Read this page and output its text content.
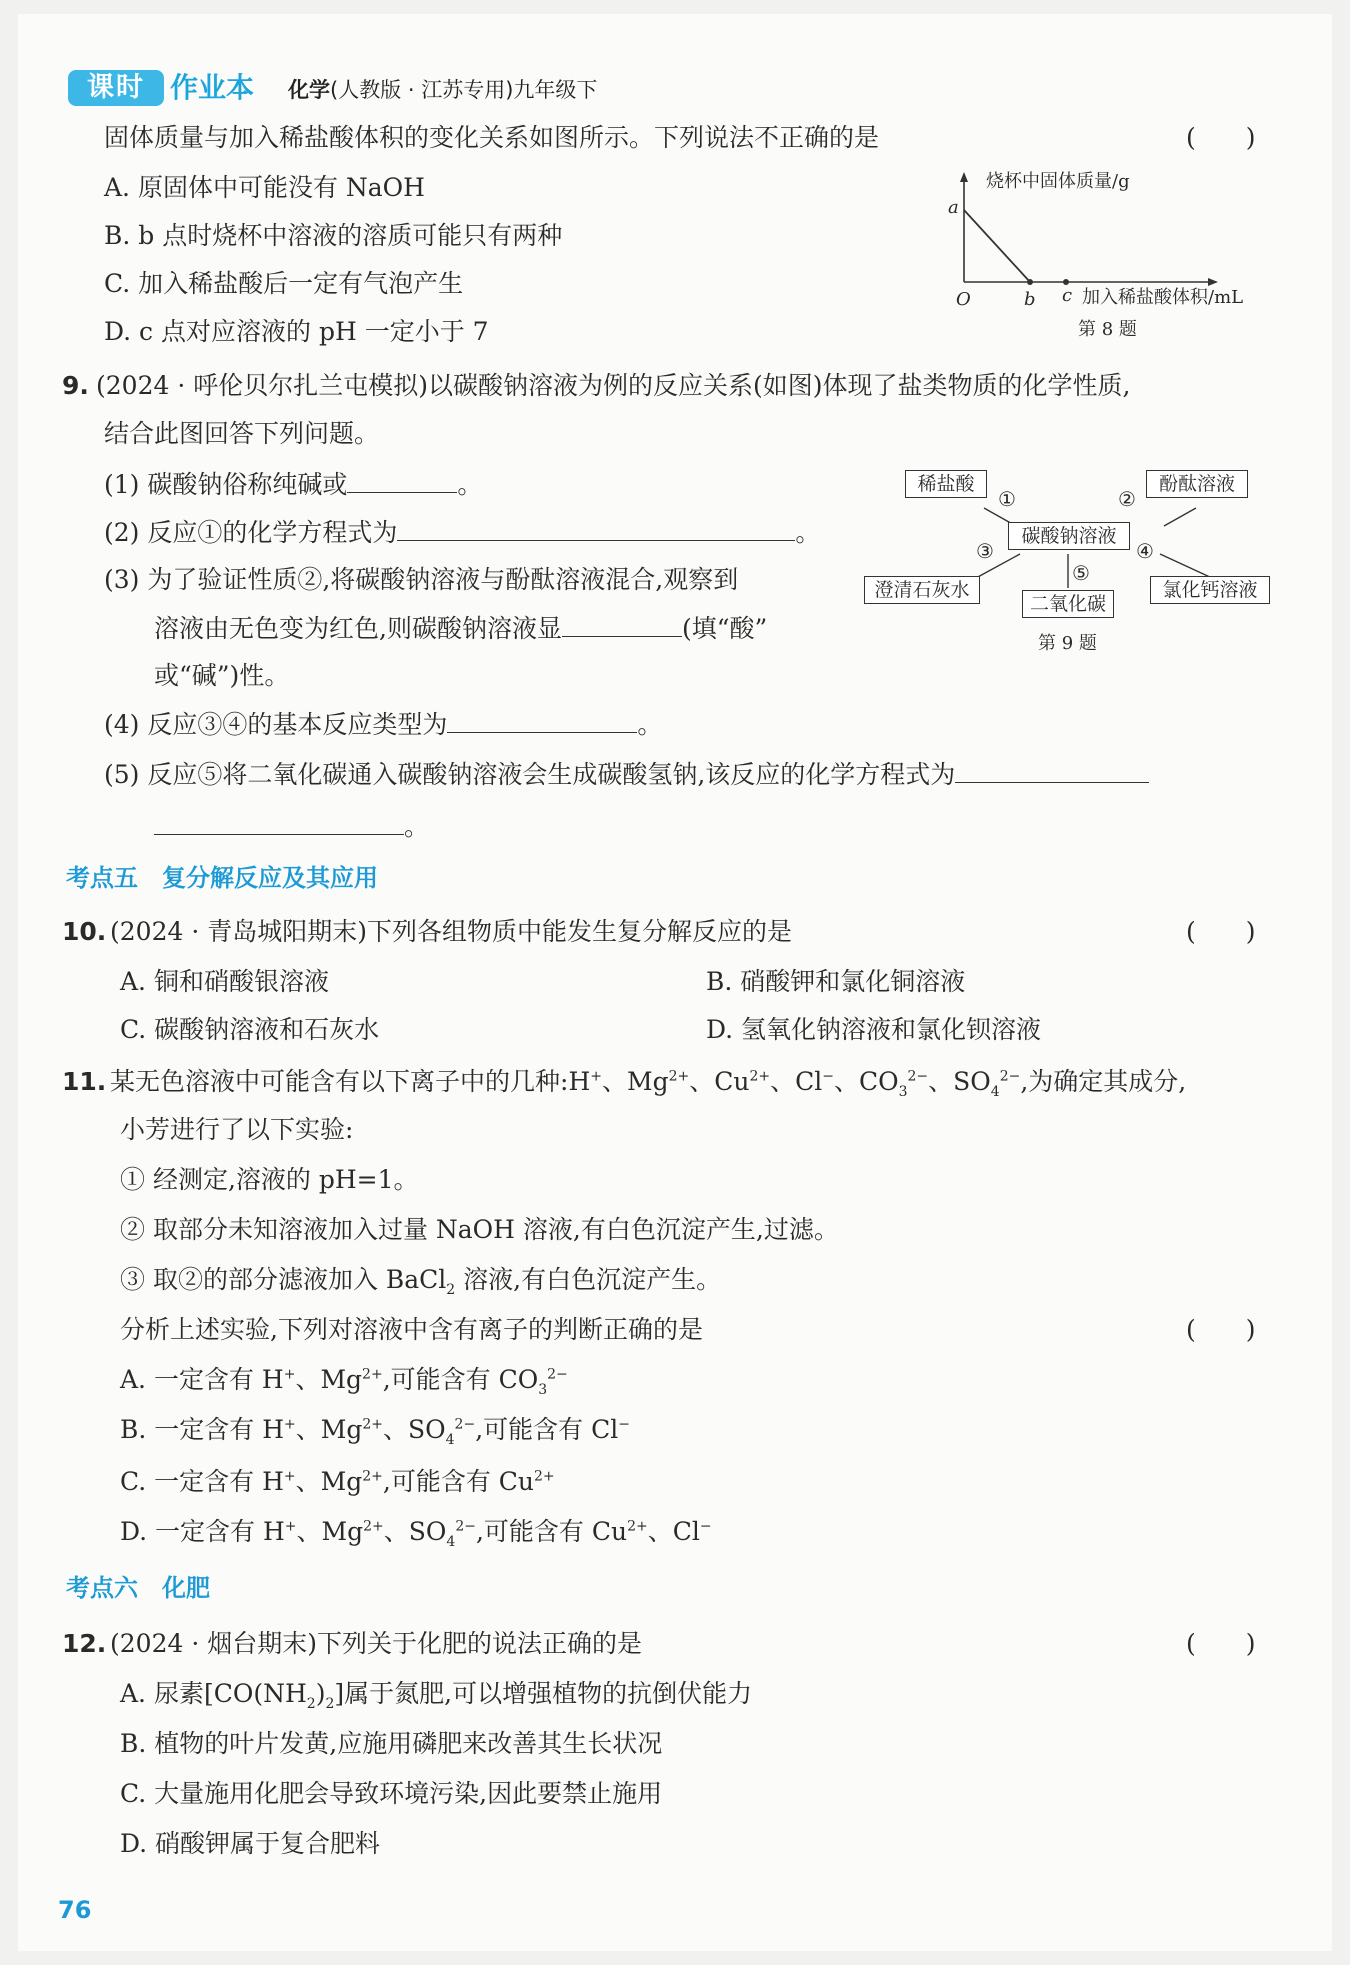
课时 作业本 化学(人教版 · 江苏专用)九年级下
固体质量与加入稀盐酸体积的变化关系如图所示。下列说法不正确的是	(　　)
A. 原固体中可能没有 NaOH
B. b 点时烧杯中溶液的溶质可能只有两种
C. 加入稀盐酸后一定有气泡产生
D. c 点对应溶液的 pH 一定小于 7
烧杯中固体质量/g
a
O	b c 加入稀盐酸体积/mL
第 8 题
9. (2024 · 呼伦贝尔扎兰屯模拟)以碳酸钠溶液为例的反应关系(如图)体现了盐类物质的化学性质,
结合此图回答下列问题。
(1) 碳酸钠俗称纯碱或	。
(2) 反应①的化学方程式为	。
(3) 为了验证性质②,将碳酸钠溶液与酚酞溶液混合,观察到
溶液由无色变为红色,则碳酸钠溶液显	(填“酸”
或“碱”)性。
(4) 反应③④的基本反应类型为	。
(5) 反应⑤将二氧化碳通入碳酸钠溶液会生成碳酸氢钠,该反应的化学方程式为
。
稀盐酸	酚酞溶液
碳酸钠溶液
澄清石灰水	氯化钙溶液
二氧化碳
①	②
③	④
⑤
第 9 题
考点五　复分解反应及其应用
10. (2024 · 青岛城阳期末)下列各组物质中能发生复分解反应的是	(　　)
A. 铜和硝酸银溶液	B. 硝酸钾和氯化铜溶液
C. 碳酸钠溶液和石灰水	D. 氢氧化钠溶液和氯化钡溶液
11. 某无色溶液中可能含有以下离子中的几种:H+、$Mg^{2+}$、$Cu^{2+}$、Cl−、$CO_3^{2-}$、$SO_4^{2-}$,为确定其成分,
小芳进行了以下实验:
① 经测定,溶液的 pH=1。
② 取部分未知溶液加入过量 NaOH 溶液,有白色沉淀产生,过滤。
③ 取②的部分滤液加入 BaCl$_2$ 溶液,有白色沉淀产生。
分析上述实验,下列对溶液中含有离子的判断正确的是	(　　)
A. 一定含有 H+、$Mg^{2+}$,可能含有 $CO_3^{2-}$
B. 一定含有 H+、$Mg^{2+}$、$SO_4^{2-}$,可能含有 Cl−
C. 一定含有 H+、$Mg^{2+}$,可能含有 $Cu^{2+}$
D. 一定含有 H+、$Mg^{2+}$、$SO_4^{2-}$,可能含有 $Cu^{2+}$、Cl−
考点六　化肥
12. (2024 · 烟台期末)下列关于化肥的说法正确的是	(　　)
A. 尿素$[CO(NH_2)_2]$属于氮肥,可以增强植物的抗倒伏能力
B. 植物的叶片发黄,应施用磷肥来改善其生长状况
C. 大量施用化肥会导致环境污染,因此要禁止施用
D. 硝酸钾属于复合肥料
76
